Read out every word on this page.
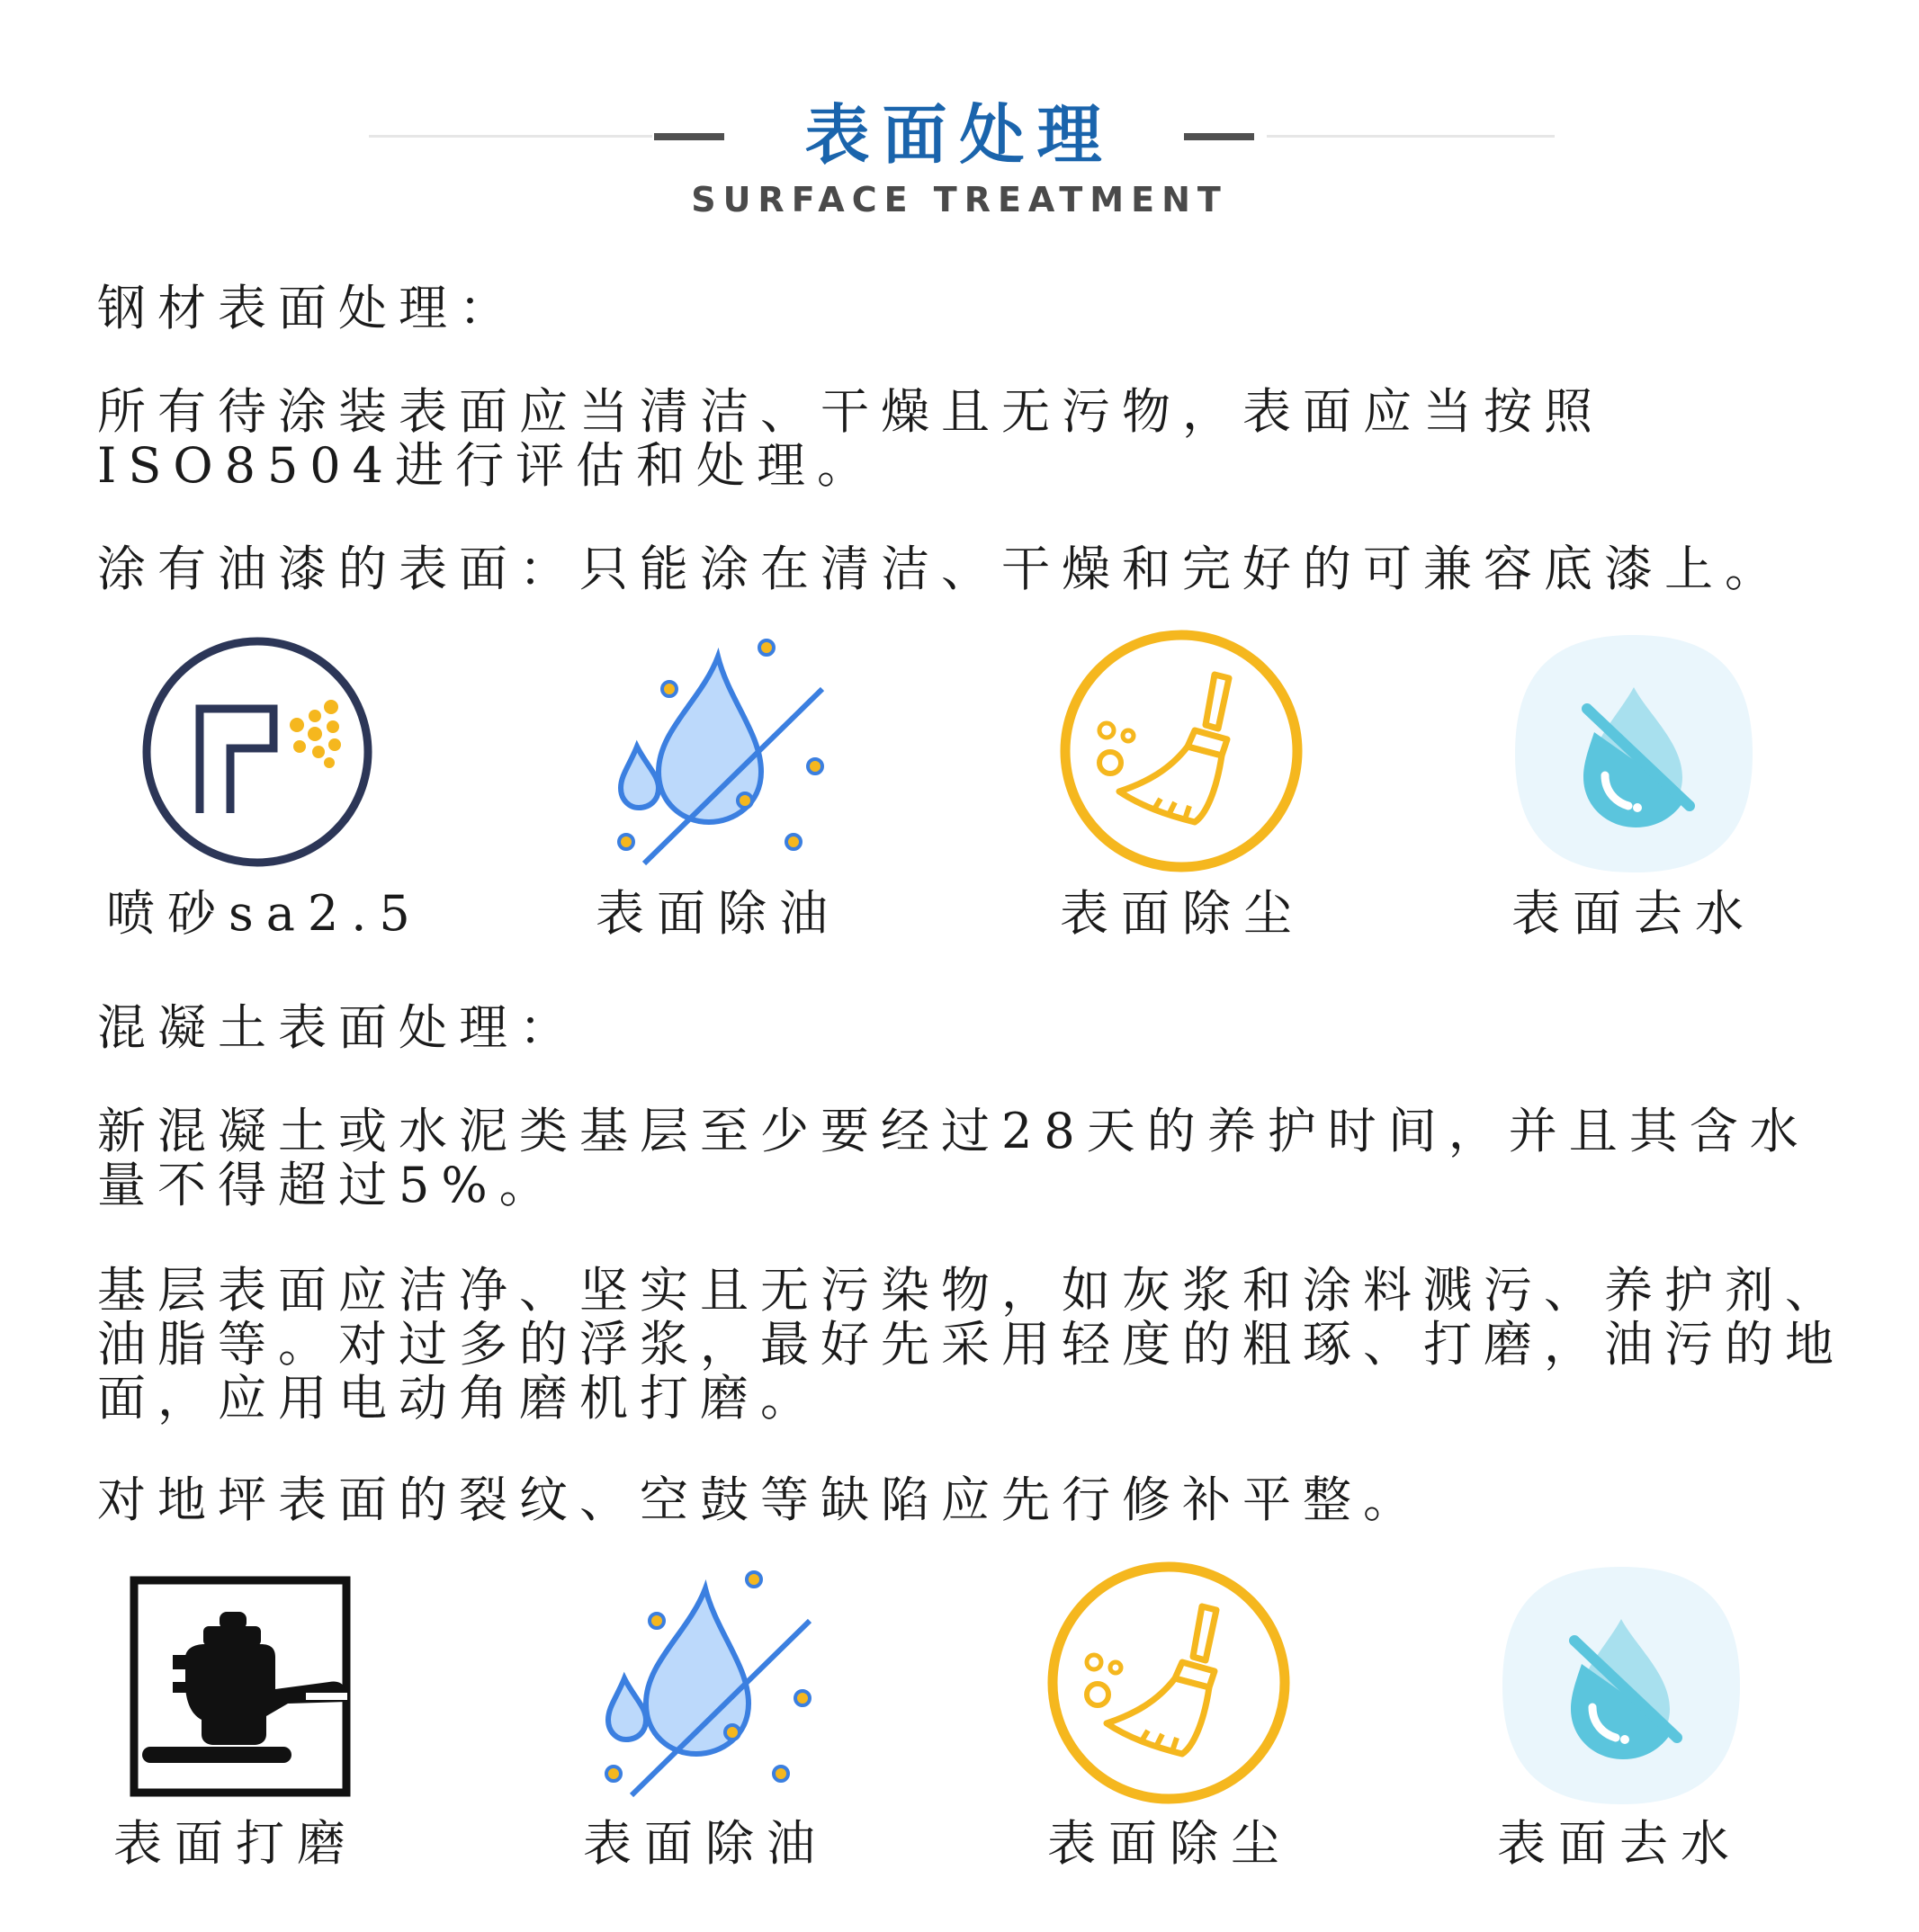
表面处理
SURFACE TREATMENT

钢材表面处理：

所有待涂装表面应当清洁、干燥且无污物，表面应当按照ISO8504进行评估和处理。

涂有油漆的表面：只能涂在清洁、干燥和完好的可兼容底漆上。

喷砂sa2.5	表面除油	表面除尘	表面去水

混凝土表面处理：

新混凝土或水泥类基层至少要经过28天的养护时间，并且其含水量不得超过5%。

基层表面应洁净、坚实且无污染物，如灰浆和涂料溅污、养护剂、油脂等。对过多的浮浆，最好先采用轻度的粗琢、打磨，油污的地面，应用电动角磨机打磨。

对地坪表面的裂纹、空鼓等缺陷应先行修补平整。

表面打磨	表面除油	表面除尘	表面去水
